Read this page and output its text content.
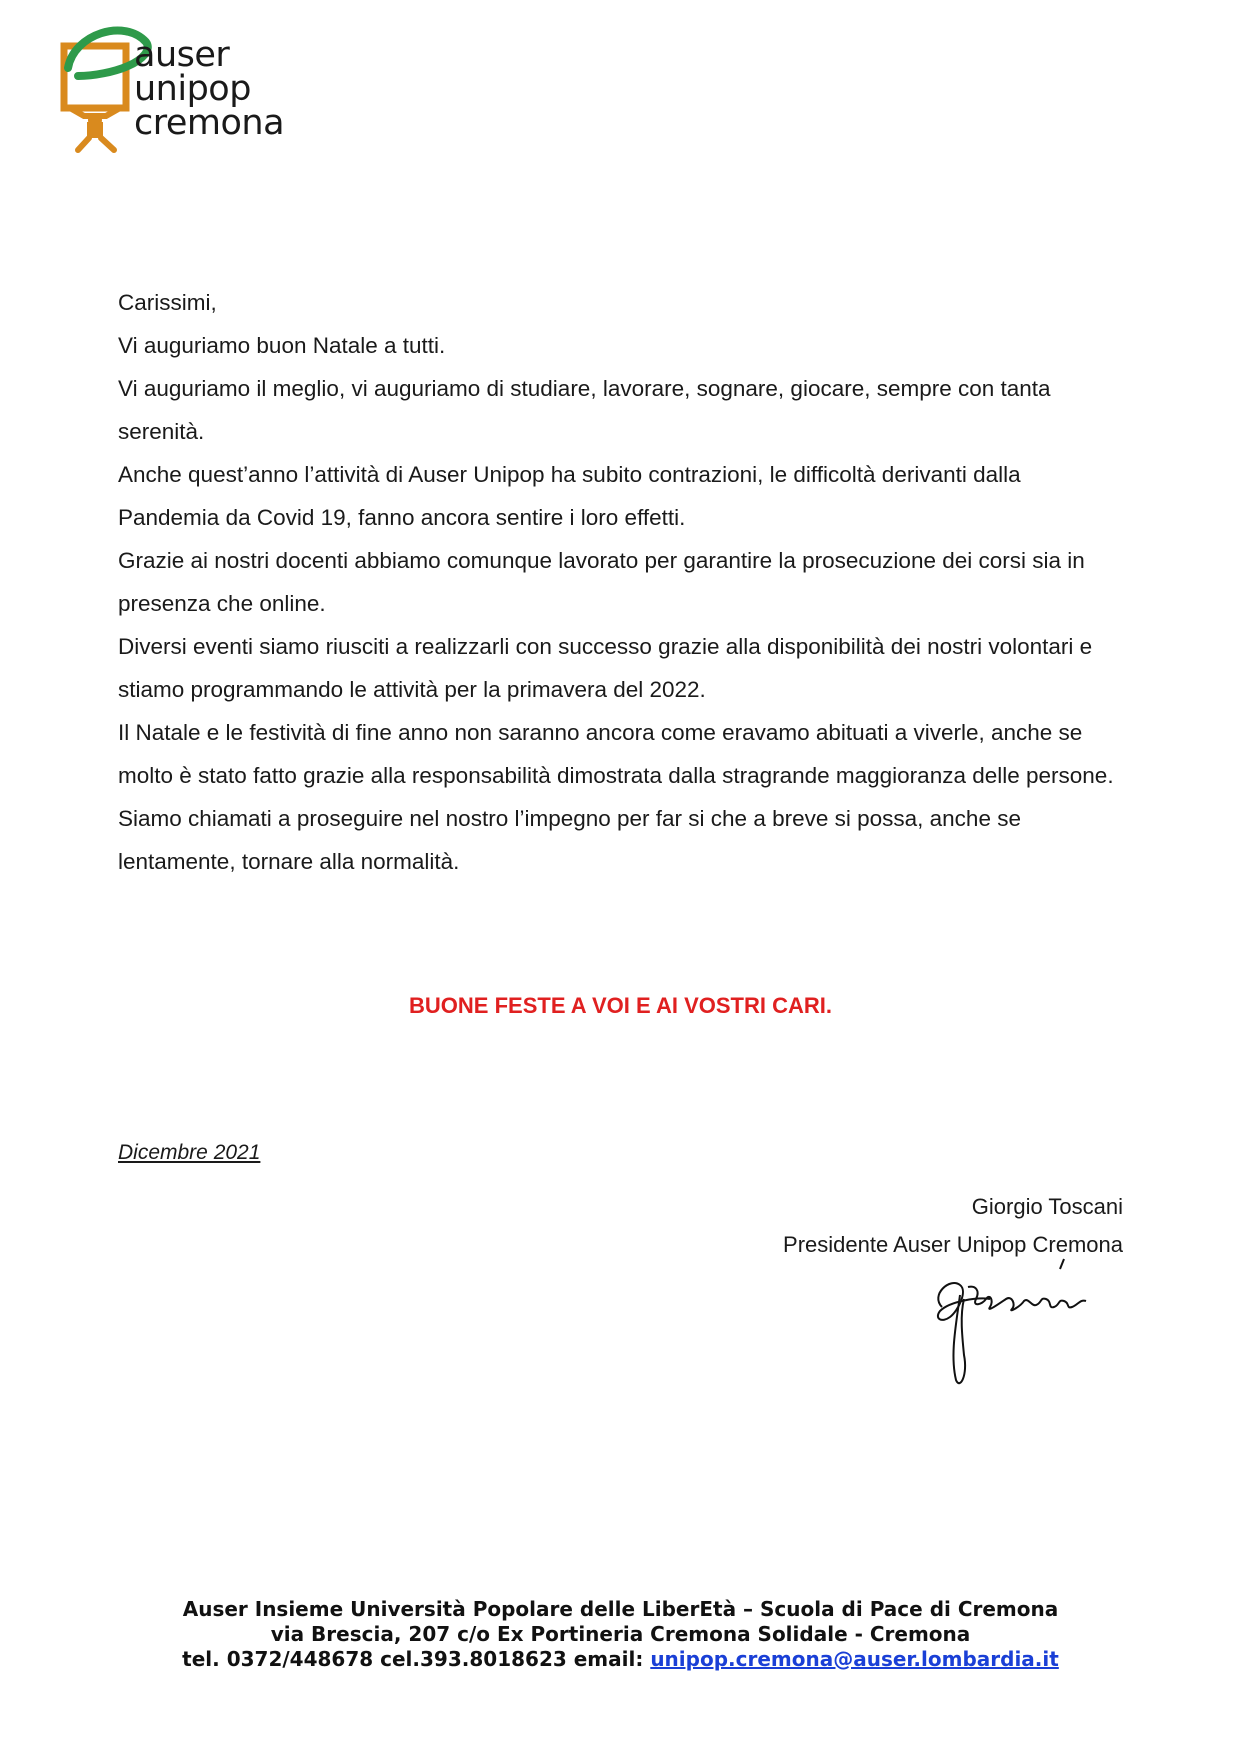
auser
unipop
cremona

Carissimi,

Vi auguriamo buon Natale a tutti.

Vi auguriamo il meglio, vi auguriamo di studiare, lavorare, sognare, giocare, sempre con tanta serenità.

Anche quest’anno l’attività di Auser Unipop ha subito contrazioni, le difficoltà derivanti dalla Pandemia da Covid 19, fanno ancora sentire i loro effetti.

Grazie ai nostri docenti abbiamo comunque lavorato per garantire la prosecuzione dei corsi sia in presenza che online.

Diversi eventi siamo riusciti a realizzarli con successo grazie alla disponibilità dei nostri volontari e stiamo programmando le attività per la primavera del 2022.

Il Natale e le festività di fine anno non saranno ancora come eravamo abituati a viverle, anche se molto è stato fatto grazie alla responsabilità dimostrata dalla stragrande maggioranza delle persone.

Siamo chiamati a proseguire nel nostro l’impegno per far si che a breve si possa, anche se lentamente, tornare alla normalità.

BUONE FESTE A VOI E AI VOSTRI CARI.
Dicembre 2021
Giorgio Toscani
Presidente Auser Unipop Cremona
Auser Insieme Università Popolare delle LiberEtà – Scuola di Pace di Cremona
via Brescia, 207 c/o Ex Portineria Cremona Solidale - Cremona
tel. 0372/448678 cel.393.8018623 email: unipop.cremona@auser.lombardia.it
